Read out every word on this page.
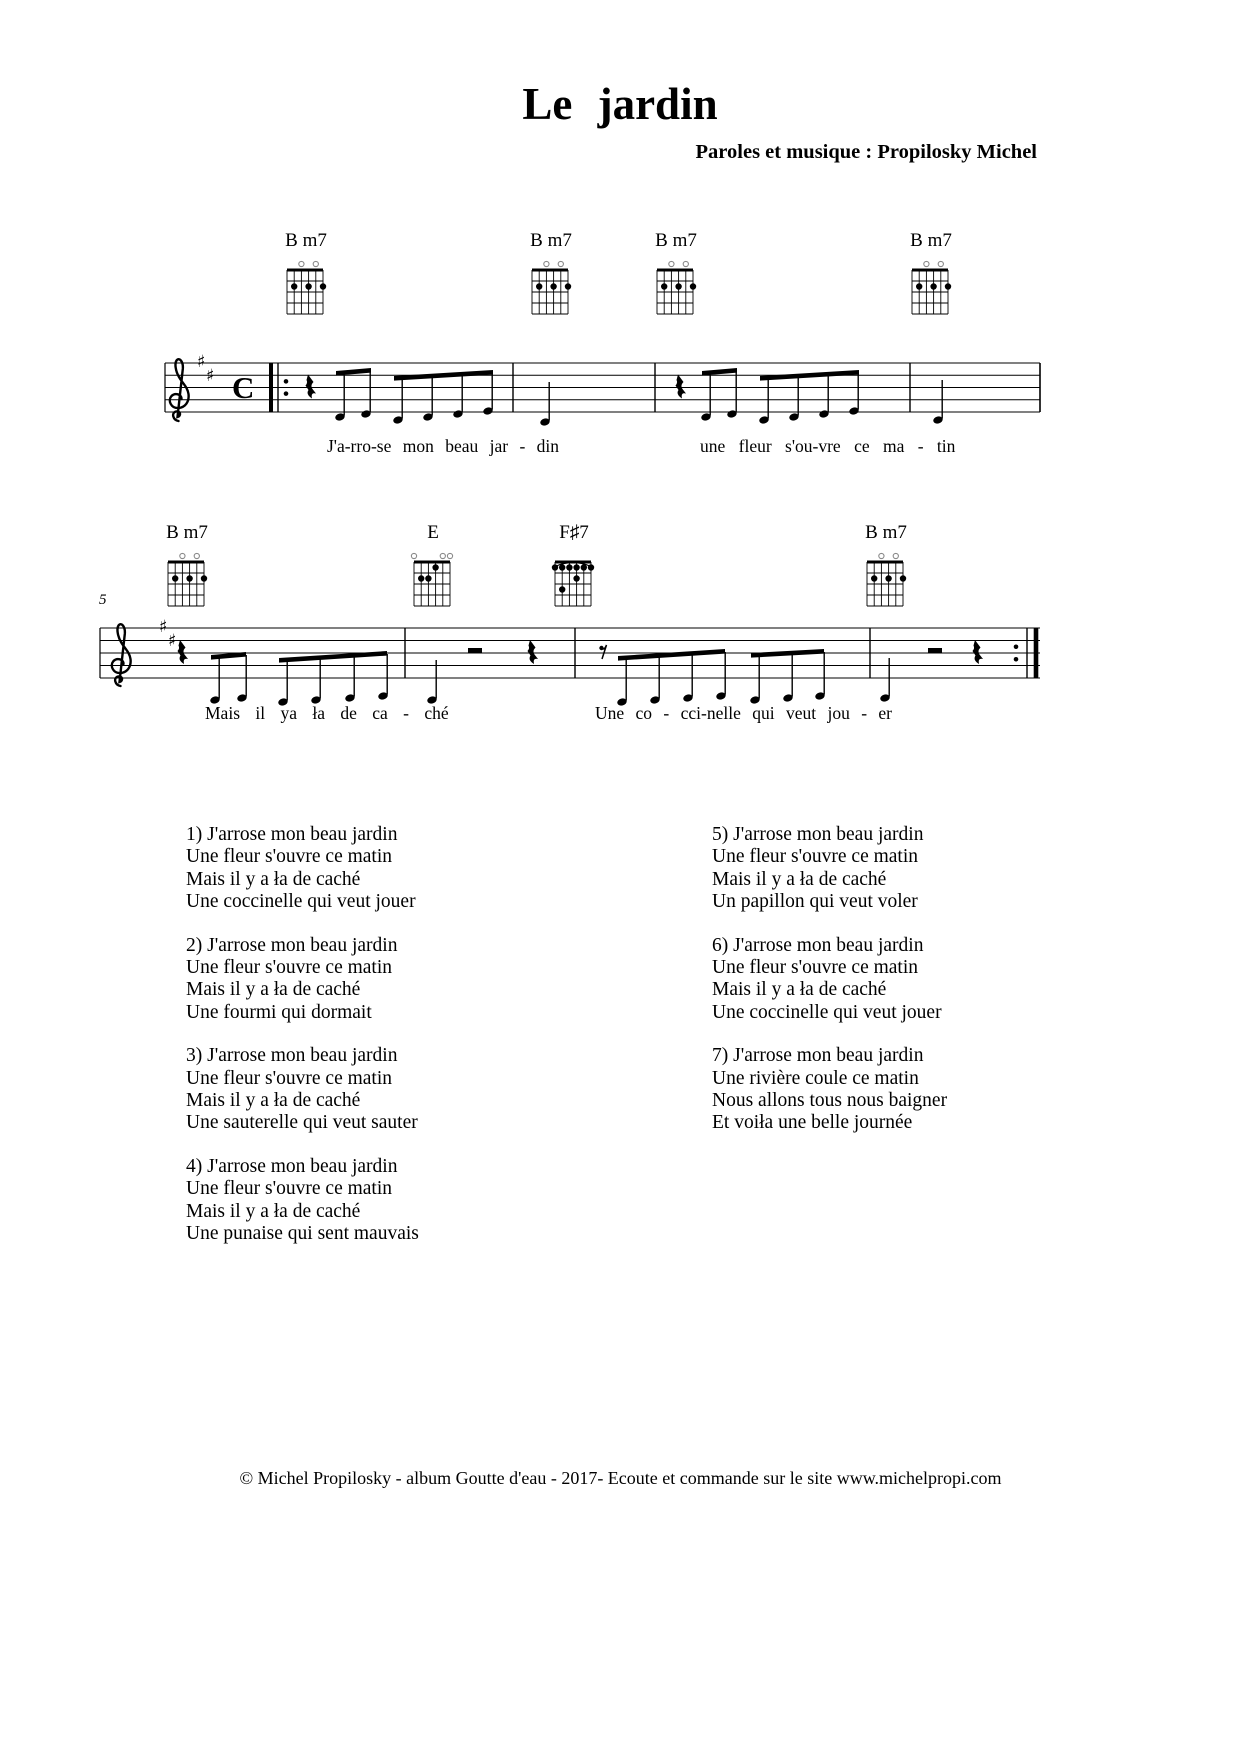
Le jardin
Paroles et musique : Propilosky Michel
♯
♯ C
5
♯
♯
1) J'arrose mon beau jardin
Une fleur s'ouvre ce matin
Mais il y a ła de caché
Une coccinelle qui veut jouer
2) J'arrose mon beau jardin
Une fleur s'ouvre ce matin
Mais il y a ła de caché
Une fourmi qui dormait
3) J'arrose mon beau jardin
Une fleur s'ouvre ce matin
Mais il y a ła de caché
Une sauterelle qui veut sauter
4) J'arrose mon beau jardin
Une fleur s'ouvre ce matin
Mais il y a ła de caché
Une punaise qui sent mauvais
5) J'arrose mon beau jardin
Une fleur s'ouvre ce matin
Mais il y a ła de caché
Un papillon qui veut voler
6) J'arrose mon beau jardin
Une fleur s'ouvre ce matin
Mais il y a ła de caché
Une coccinelle qui veut jouer
7) J'arrose mon beau jardin
Une rivière coule ce matin
Nous allons tous nous baigner
Et voiła une belle journée
© Michel Propilosky - album Goutte d'eau - 2017- Ecoute et commande sur le site www.michelpropi.com
B m7	B m7	B m7	B m7
B m7	E	F♯7	B m7
J'a-rro-se mon beau jar - din	une fleur s'ou-vre ce ma - tin
Mais il ya ła de ca - ché	Une co - cci-nelle qui veut jou - er
